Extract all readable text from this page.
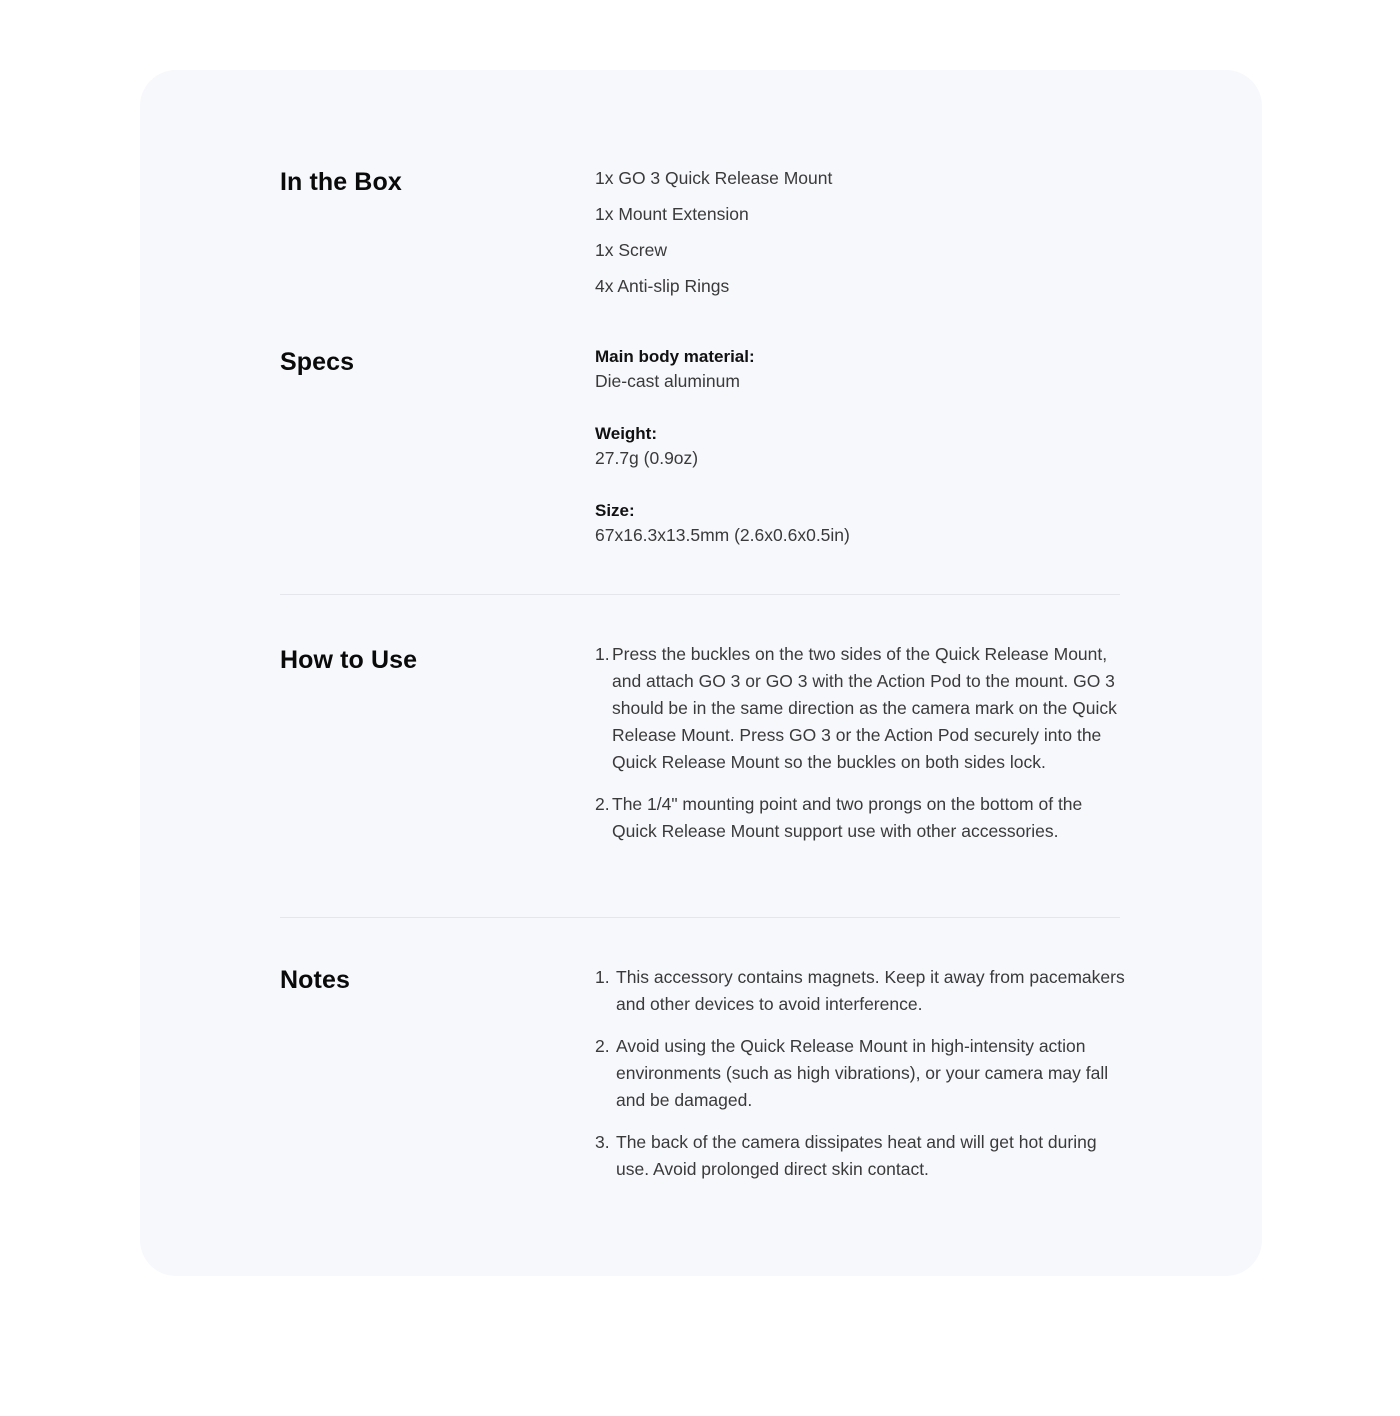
In the Box	1x GO 3 Quick Release Mount
1x Mount Extension
1x Screw
4x Anti-slip Rings
Specs	Main body material:
Die-cast aluminum
Weight:
27.7g (0.9oz)
Size:
67x16.3x13.5mm (2.6x0.6x0.5in)
How to Use	1. Press the buckles on the two sides of the Quick Release Mount, and attach GO 3 or GO 3 with the Action Pod to the mount. GO 3 should be in the same direction as the camera mark on the Quick Release Mount. Press GO 3 or the Action Pod securely into the Quick Release Mount so the buckles on both sides lock.
2. The 1/4" mounting point and two prongs on the bottom of the Quick Release Mount support use with other accessories.
Notes	1. This accessory contains magnets. Keep it away from pacemakers and other devices to avoid interference.
2. Avoid using the Quick Release Mount in high-intensity action environments (such as high vibrations), or your camera may fall and be damaged.
3. The back of the camera dissipates heat and will get hot during use. Avoid prolonged direct skin contact.
